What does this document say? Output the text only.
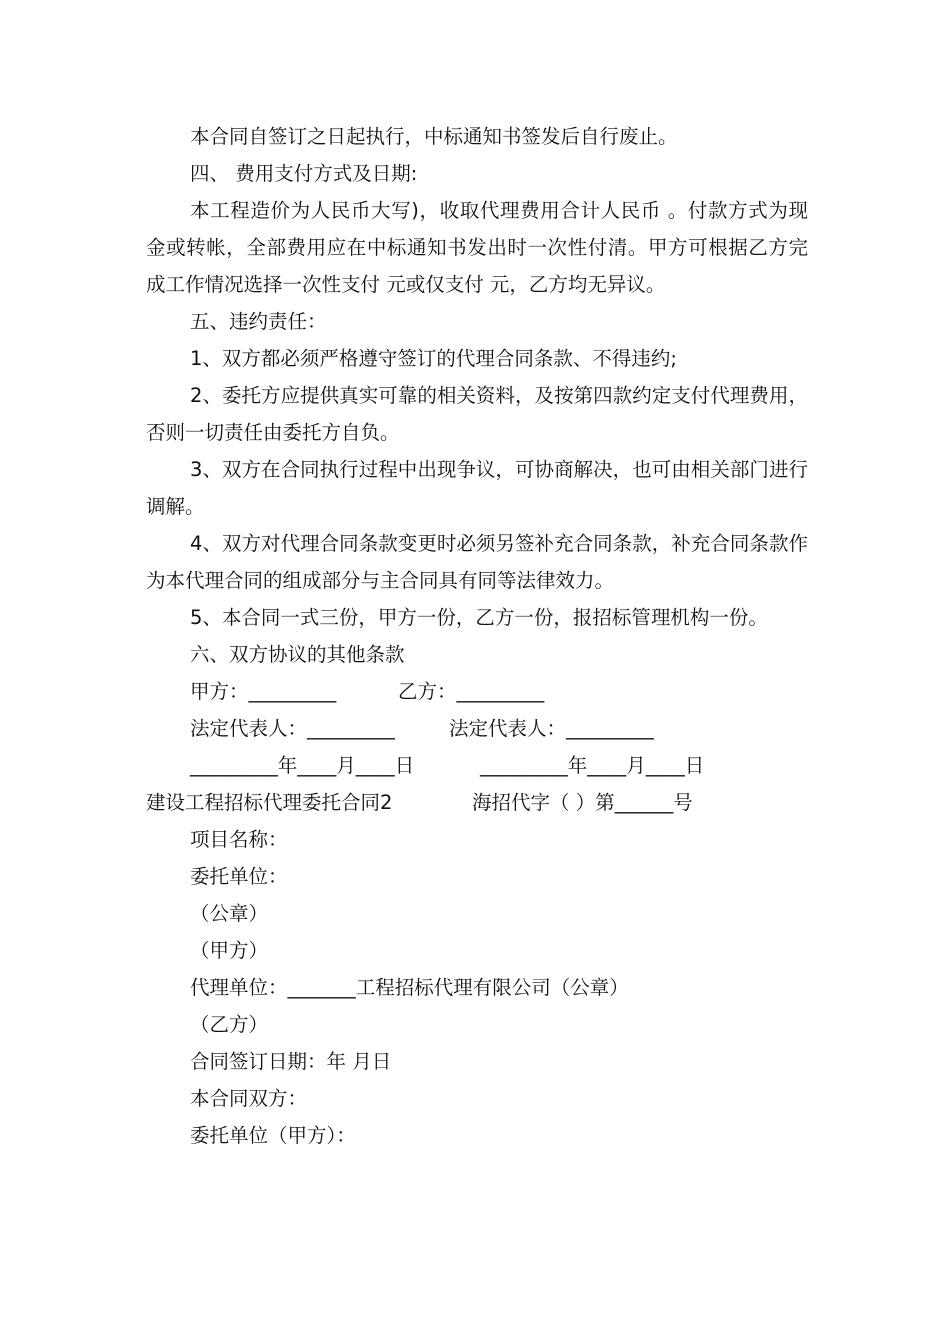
本合同自签订之日起执行，中标通知书签发后自行废止。

四、 费用支付方式及日期:

本工程造价为人民币大写)，收取代理费用合计人民币 。付款方式为现金或转帐，全部费用应在中标通知书发出时一次性付清。甲方可根据乙方完成工作情况选择一次性支付 元或仅支付 元，乙方均无异议。

五、违约责任：

1、双方都必须严格遵守签订的代理合同条款、不得违约;

2、委托方应提供真实可靠的相关资料，及按第四款约定支付代理费用，否则一切责任由委托方自负。

3、双方在合同执行过程中出现争议，可协商解决，也可由相关部门进行调解。

4、双方对代理合同条款变更时必须另签补充合同条款，补充合同条款作为本代理合同的组成部分与主合同具有同等法律效力。

5、本合同一式三份，甲方一份，乙方一份，报招标管理机构一份。

六、双方协议的其他条款

甲方：_________	乙方：_________
法定代表人：_________	法定代表人：_________
_________年____月____日	_________年____月____日
建设工程招标代理委托合同2	海招代字（ ）第______号

项目名称：

委托单位：

（公章）

（甲方）

代理单位：_______工程招标代理有限公司（公章）

（乙方）

合同签订日期：年 月日

本合同双方：

委托单位（甲方）：
